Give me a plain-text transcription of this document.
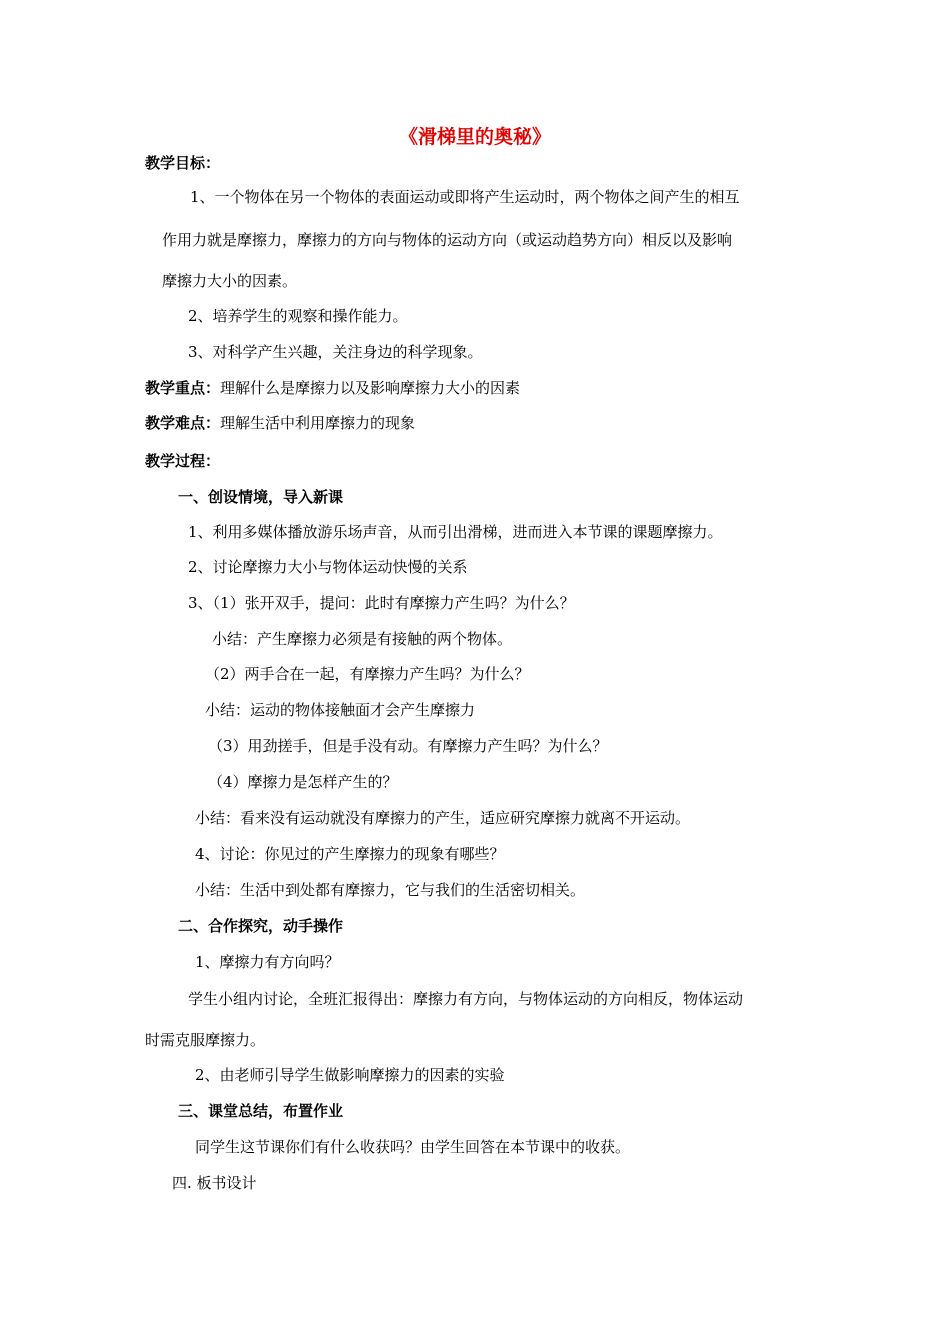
《滑梯里的奥秘》
教学目标：
1、一个物体在另一个物体的表面运动或即将产生运动时，两个物体之间产生的相互
作用力就是摩擦力，摩擦力的方向与物体的运动方向（或运动趋势方向）相反以及影响
摩擦力大小的因素。
2、培养学生的观察和操作能力。
3、对科学产生兴趣，关注身边的科学现象。
教学重点：理解什么是摩擦力以及影响摩擦力大小的因素
教学难点：理解生活中利用摩擦力的现象
教学过程：
一、创设情境，导入新课
1、利用多媒体播放游乐场声音，从而引出滑梯，进而进入本节课的课题摩擦力。
2、讨论摩擦力大小与物体运动快慢的关系
3、（1）张开双手，提问：此时有摩擦力产生吗？为什么？
小结：产生摩擦力必须是有接触的两个物体。
（2）两手合在一起，有摩擦力产生吗？为什么？
小结：运动的物体接触面才会产生摩擦力
（3）用劲搓手，但是手没有动。有摩擦力产生吗？为什么？
（4）摩擦力是怎样产生的？
小结：看来没有运动就没有摩擦力的产生，适应研究摩擦力就离不开运动。
4、讨论：你见过的产生摩擦力的现象有哪些？
小结：生活中到处都有摩擦力，它与我们的生活密切相关。
二、合作探究，动手操作
1、摩擦力有方向吗？
学生小组内讨论，全班汇报得出：摩擦力有方向，与物体运动的方向相反，物体运动
时需克服摩擦力。
2、由老师引导学生做影响摩擦力的因素的实验
三、课堂总结，布置作业
同学生这节课你们有什么收获吗？由学生回答在本节课中的收获。
四. 板书设计
